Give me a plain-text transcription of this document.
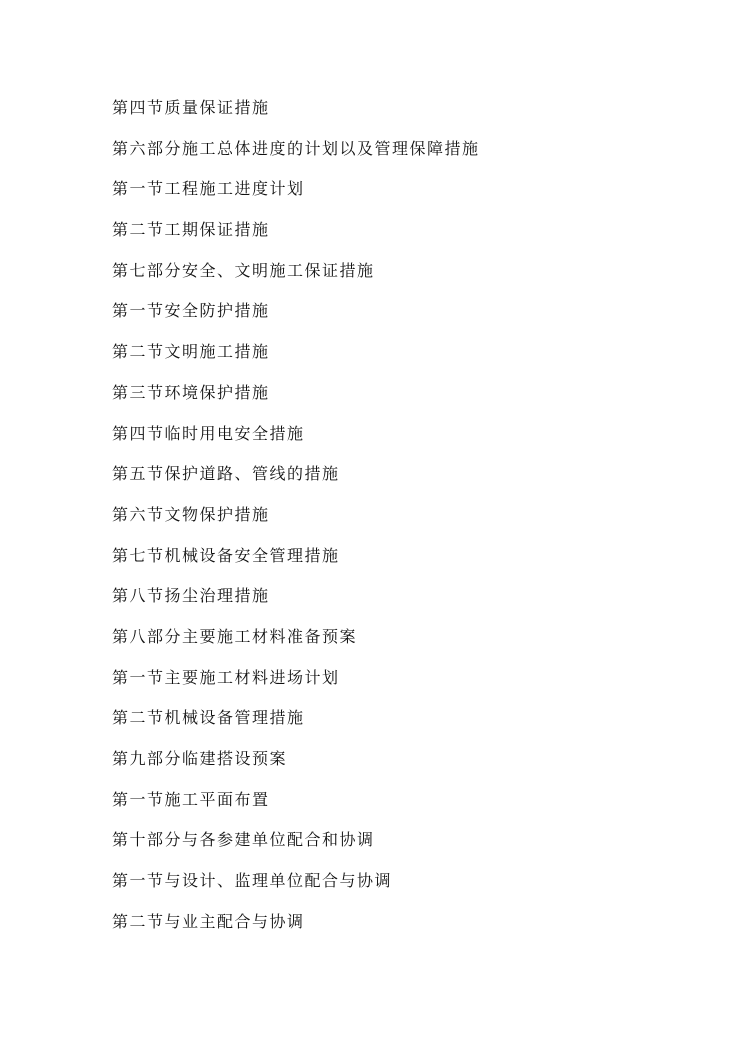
第四节质量保证措施
第六部分施工总体进度的计划以及管理保障措施
第一节工程施工进度计划
第二节工期保证措施
第七部分安全、文明施工保证措施
第一节安全防护措施
第二节文明施工措施
第三节环境保护措施
第四节临时用电安全措施
第五节保护道路、管线的措施
第六节文物保护措施
第七节机械设备安全管理措施
第八节扬尘治理措施
第八部分主要施工材料准备预案
第一节主要施工材料进场计划
第二节机械设备管理措施
第九部分临建搭设预案
第一节施工平面布置
第十部分与各参建单位配合和协调
第一节与设计、监理单位配合与协调
第二节与业主配合与协调
